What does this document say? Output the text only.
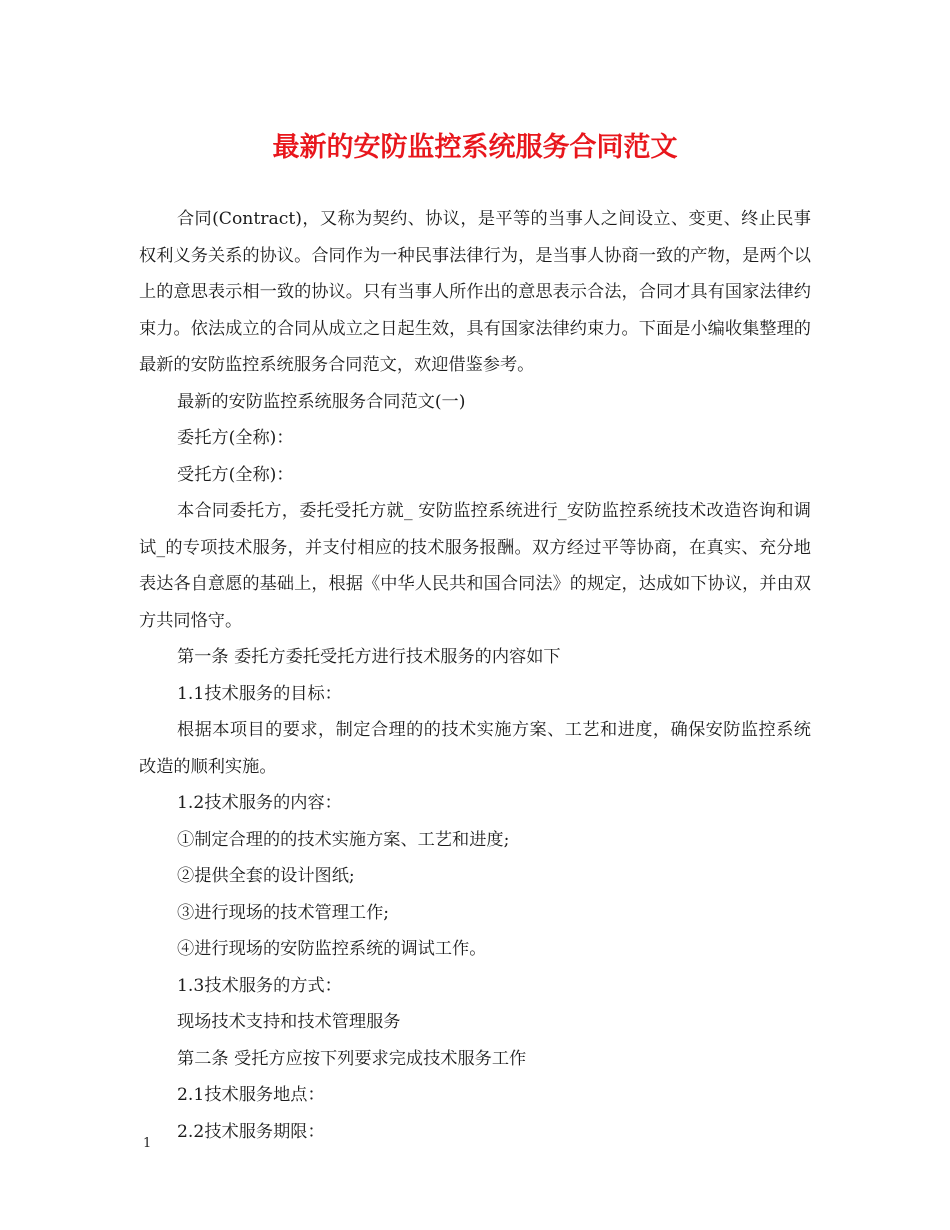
最新的安防监控系统服务合同范文

合同(Contract)，又称为契约、协议，是平等的当事人之间设立、变更、终止民事权利义务关系的协议。合同作为一种民事法律行为，是当事人协商一致的产物，是两个以上的意思表示相一致的协议。只有当事人所作出的意思表示合法，合同才具有国家法律约束力。依法成立的合同从成立之日起生效，具有国家法律约束力。下面是小编收集整理的最新的安防监控系统服务合同范文，欢迎借鉴参考。

最新的安防监控系统服务合同范文(一)

委托方(全称)：

受托方(全称)：

本合同委托方，委托受托方就_ 安防监控系统进行_安防监控系统技术改造咨询和调试_的专项技术服务，并支付相应的技术服务报酬。双方经过平等协商，在真实、充分地表达各自意愿的基础上，根据《中华人民共和国合同法》的规定，达成如下协议，并由双方共同恪守。

第一条 委托方委托受托方进行技术服务的内容如下

1.1技术服务的目标：

根据本项目的要求，制定合理的的技术实施方案、工艺和进度，确保安防监控系统改造的顺利实施。

1.2技术服务的内容：

①制定合理的的技术实施方案、工艺和进度;

②提供全套的设计图纸;

③进行现场的技术管理工作;

④进行现场的安防监控系统的调试工作。

1.3技术服务的方式：

现场技术支持和技术管理服务

第二条 受托方应按下列要求完成技术服务工作

2.1技术服务地点：

2.2技术服务期限：

1
